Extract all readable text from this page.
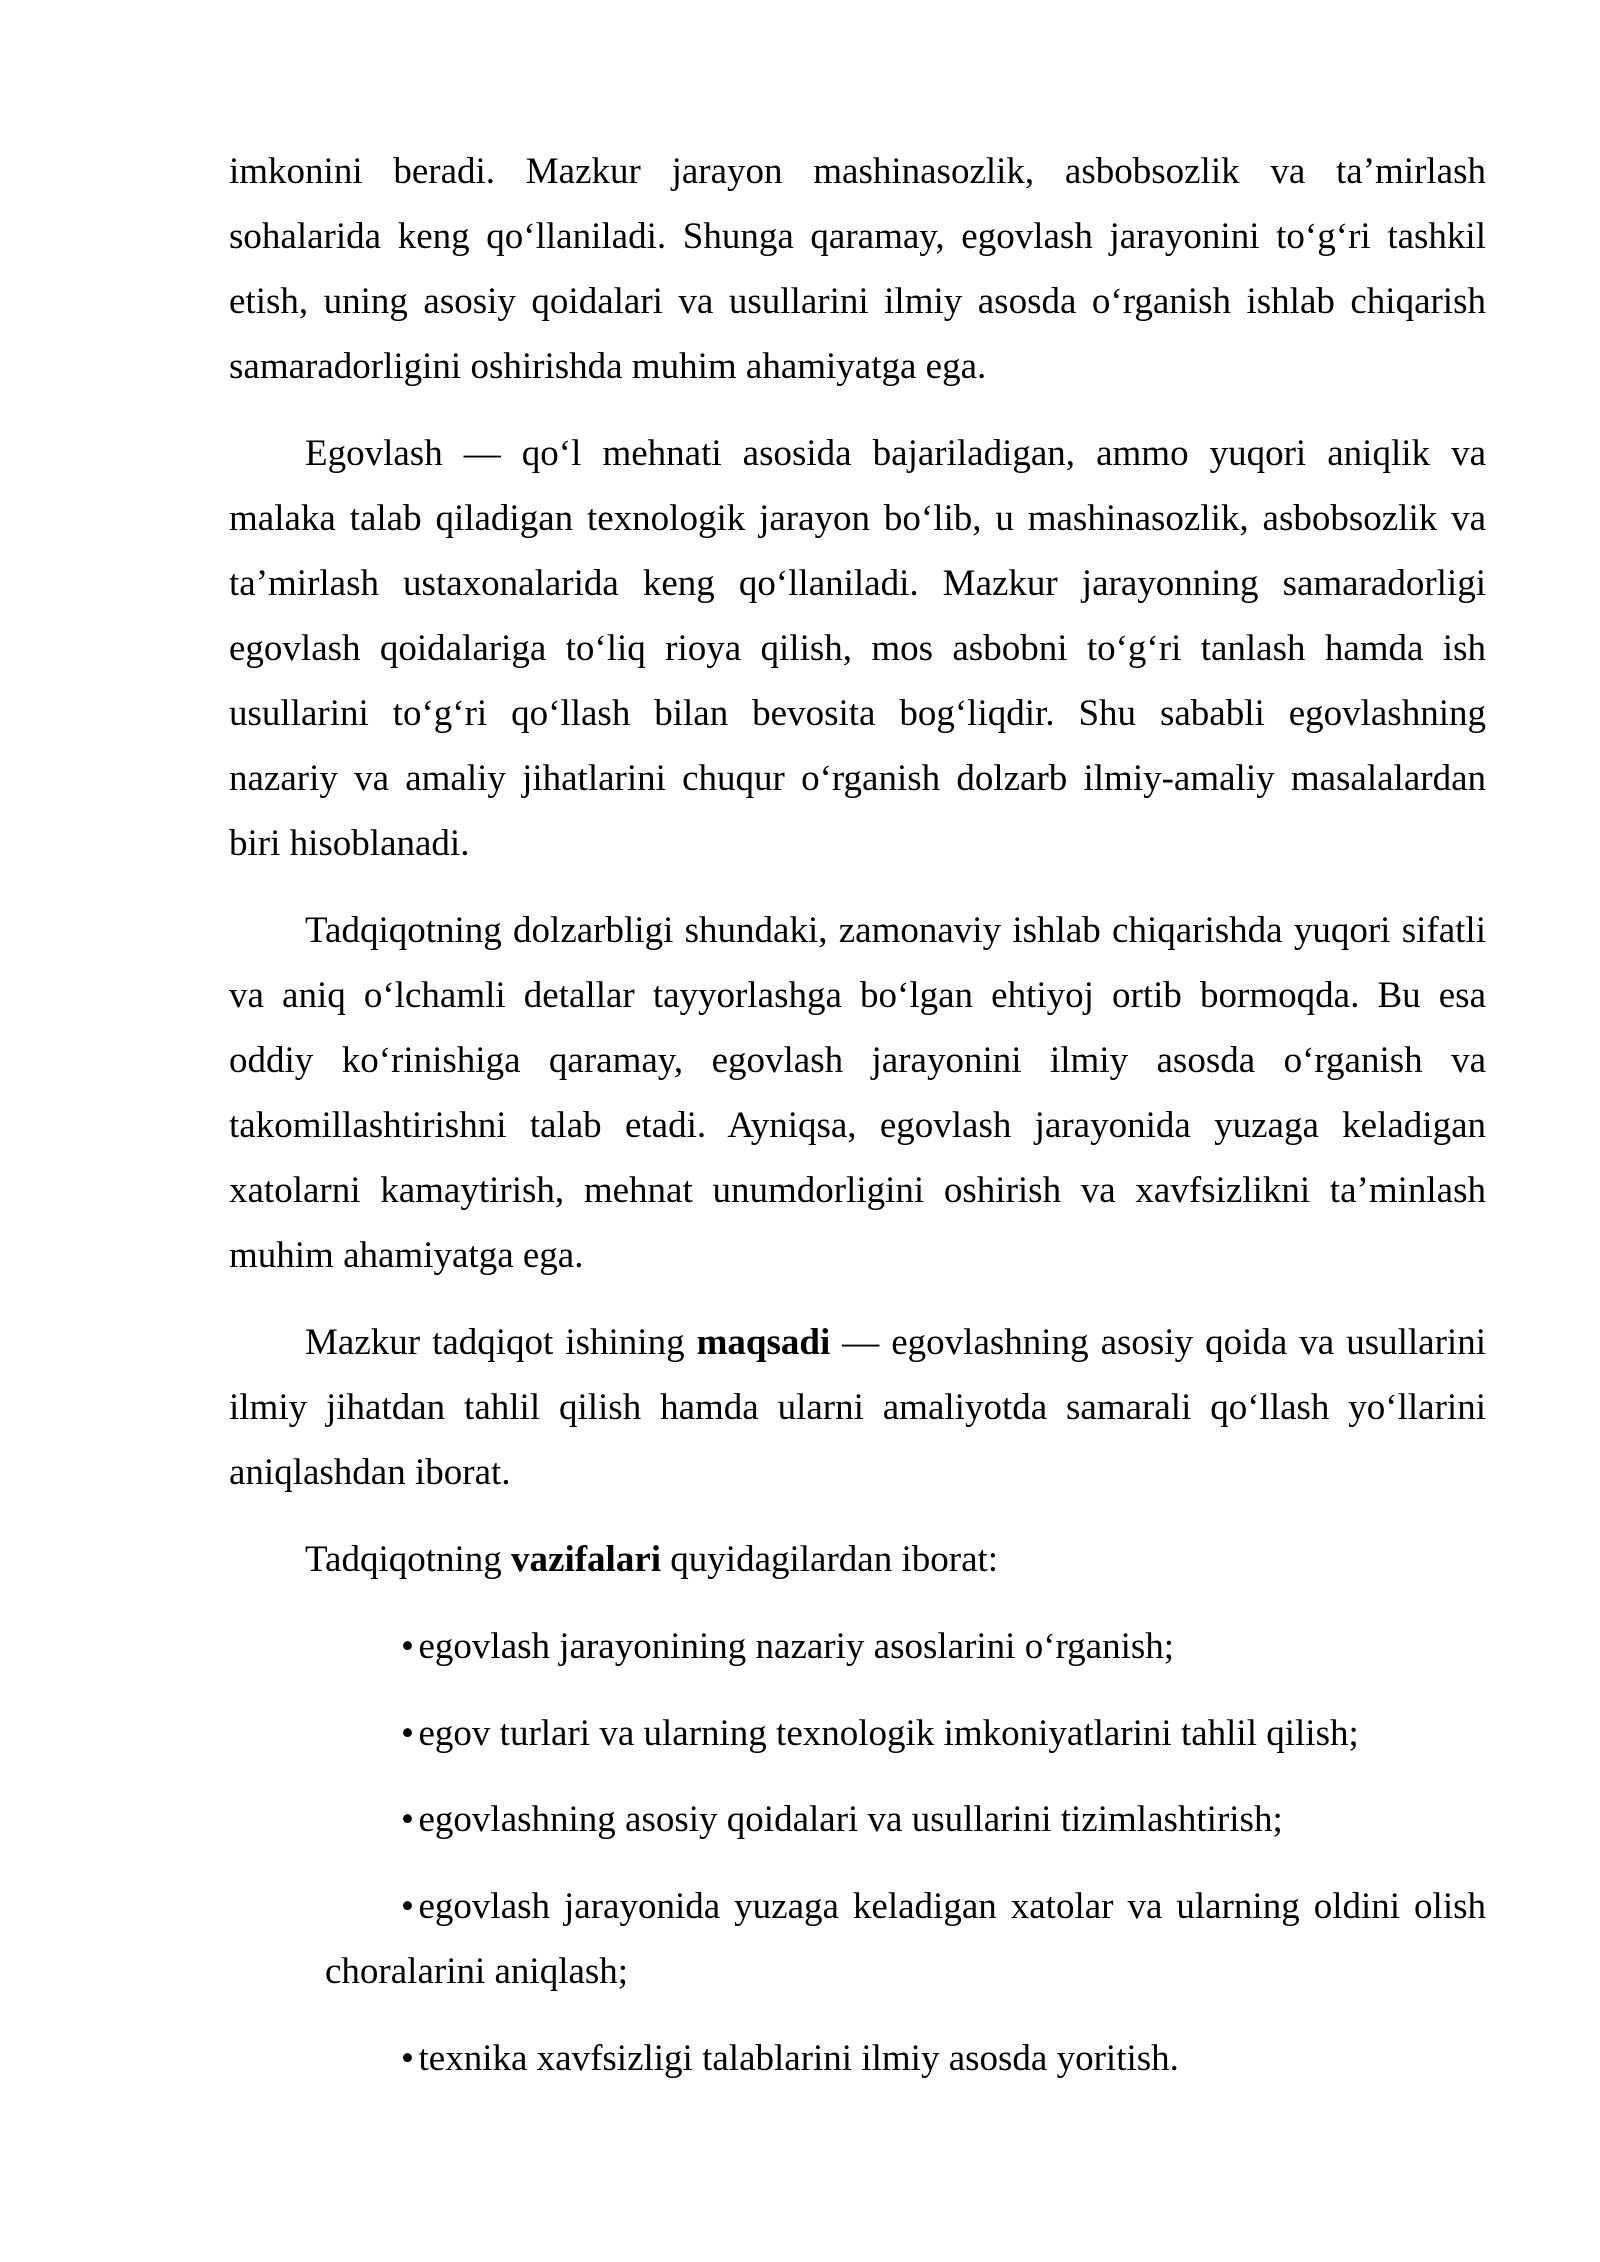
imkonini beradi. Mazkur jarayon mashinasozlik, asbobsozlik va ta’mirlash
sohalarida keng qo‘llaniladi. Shunga qaramay, egovlash jarayonini to‘g‘ri tashkil
etish, uning asosiy qoidalari va usullarini ilmiy asosda o‘rganish ishlab chiqarish
samaradorligini oshirishda muhim ahamiyatga ega.
Egovlash — qo‘l mehnati asosida bajariladigan, ammo yuqori aniqlik va
malaka talab qiladigan texnologik jarayon bo‘lib, u mashinasozlik, asbobsozlik va
ta’mirlash ustaxonalarida keng qo‘llaniladi. Mazkur jarayonning samaradorligi
egovlash qoidalariga to‘liq rioya qilish, mos asbobni to‘g‘ri tanlash hamda ish
usullarini to‘g‘ri qo‘llash bilan bevosita bog‘liqdir. Shu sababli egovlashning
nazariy va amaliy jihatlarini chuqur o‘rganish dolzarb ilmiy-amaliy masalalardan
biri hisoblanadi.
Tadqiqotning dolzarbligi shundaki, zamonaviy ishlab chiqarishda yuqori sifatli
va aniq o‘lchamli detallar tayyorlashga bo‘lgan ehtiyoj ortib bormoqda. Bu esa
oddiy ko‘rinishiga qaramay, egovlash jarayonini ilmiy asosda o‘rganish va
takomillashtirishni talab etadi. Ayniqsa, egovlash jarayonida yuzaga keladigan
xatolarni kamaytirish, mehnat unumdorligini oshirish va xavfsizlikni ta’minlash
muhim ahamiyatga ega.
Mazkur tadqiqot ishining maqsadi — egovlashning asosiy qoida va usullarini
ilmiy jihatdan tahlil qilish hamda ularni amaliyotda samarali qo‘llash yo‘llarini
aniqlashdan iborat.
Tadqiqotning vazifalari quyidagilardan iborat:
• egovlash jarayonining nazariy asoslarini o‘rganish;
• egov turlari va ularning texnologik imkoniyatlarini tahlil qilish;
• egovlashning asosiy qoidalari va usullarini tizimlashtirish;
• egovlash jarayonida yuzaga keladigan xatolar va ularning oldini olish
choralarini aniqlash;
• texnika xavfsizligi talablarini ilmiy asosda yoritish.
